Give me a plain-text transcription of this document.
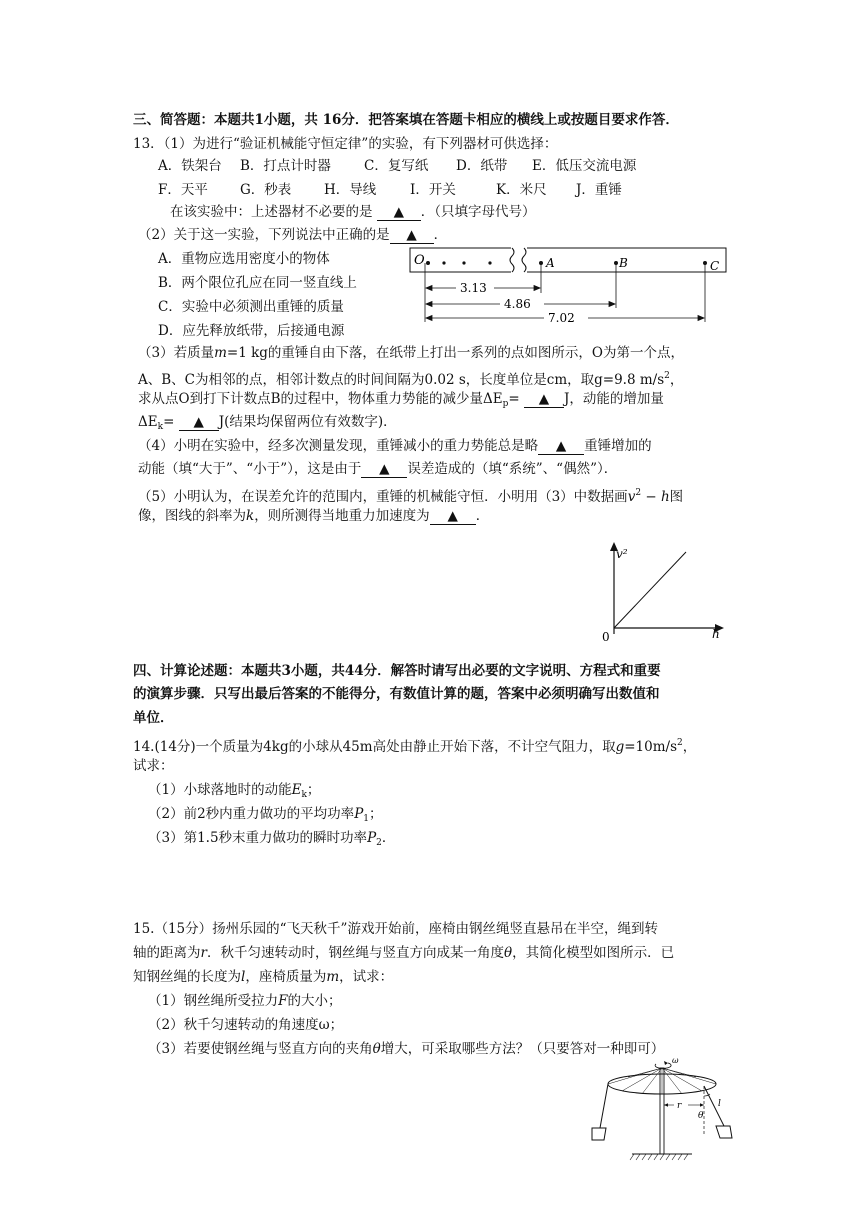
三、简答题：本题共1小题，共 16分．把答案填在答题卡相应的横线上或按题目要求作答．
13．（1）为进行“验证机械能守恒定律”的实验，有下列器材可供选择：
A．铁架台 B．打点计时器 C．复写纸 D．纸带 E．低压交流电源
F．天平 G．秒表 H．导线 I．开关	K．米尺 J．重锤
在该实验中：上述器材不必要的是 ▲ ．（只填字母代号）
（2）关于这一实验，下列说法中正确的是 ▲ ．
A．重物应选用密度小的物体
B．两个限位孔应在同一竖直线上
C．实验中必须测出重锤的质量
D．应先释放纸带，后接通电源
O	A	B	C
3.13
4.86
7.02
（3）若质量m=1 kg的重锤自由下落，在纸带上打出一系列的点如图所示，O为第一个点，
A、B、C为相邻的点，相邻计数点的时间间隔为0.02 s，长度单位是cm，取g=9.8 $m/s^2$，
求从点O到打下计数点B的过程中，物体重力势能的减少量$\Delta E_p=$ ▲ J，动能的增加量
$\Delta E_k=$ ▲ J(结果均保留两位有效数字)．
（4）小明在实验中，经多次测量发现，重锤减小的重力势能总是略 ▲ 重锤增加的
动能（填“大于”、“小于”），这是由于 ▲ 误差造成的（填“系统”、“偶然”）．
（5）小明认为，在误差允许的范围内，重锤的机械能守恒．小明用（3）中数据画$v^2 - h$图
像，图线的斜率为k，则所测得当地重力加速度为 ▲ ．
v²
h
0
四、计算论述题：本题共3小题，共44分．解答时请写出必要的文字说明、方程式和重要
的演算步骤．只写出最后答案的不能得分，有数值计算的题，答案中必须明确写出数值和
单位．
14.(14分)一个质量为4kg的小球从45m高处由静止开始下落，不计空气阻力，取$g=10m/s^2$，
试求：
（1）小球落地时的动能$E_k$；
（2）前2秒内重力做功的平均功率$P_1$；
（3）第1.5秒末重力做功的瞬时功率$P_2$．
15.（15分）扬州乐园的“飞天秋千”游戏开始前，座椅由钢丝绳竖直悬吊在半空，绳到转
轴的距离为r．秋千匀速转动时，钢丝绳与竖直方向成某一角度θ，其简化模型如图所示．已
知钢丝绳的长度为l，座椅质量为m，试求：
（1）钢丝绳所受拉力F的大小；
（2）秋千匀速转动的角速度ω；
（3）若要使钢丝绳与竖直方向的夹角θ增大，可采取哪些方法？（只要答对一种即可）
ω
r
θ
l
